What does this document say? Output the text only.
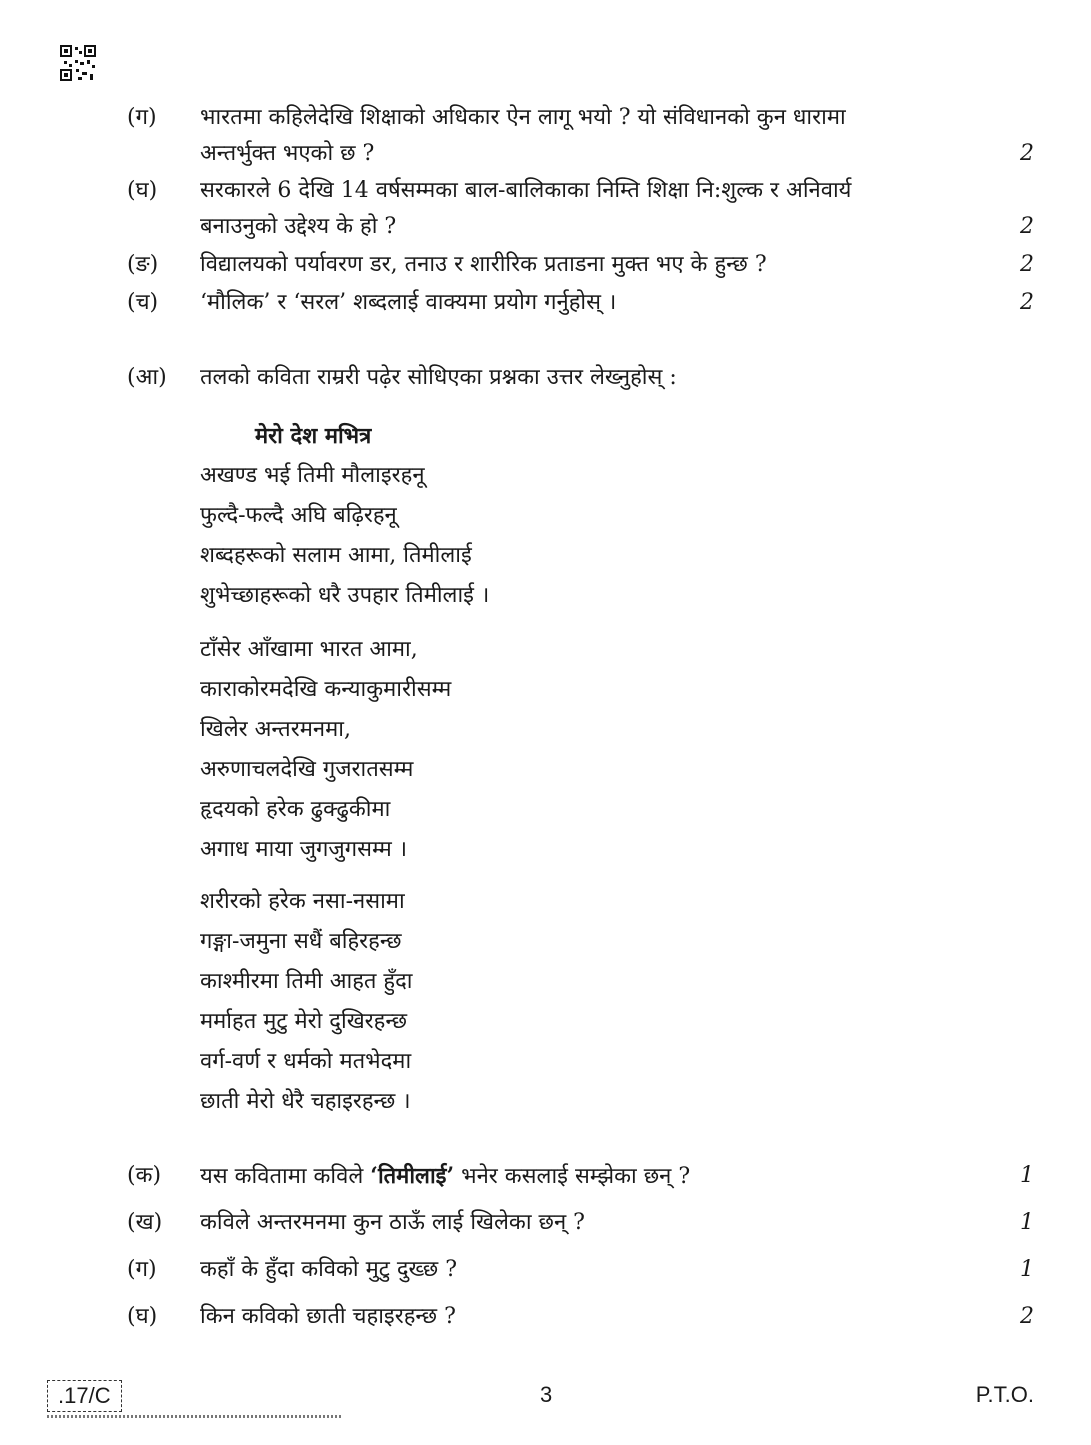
(ग) भारतमा कहिलेदेखि शिक्षाको अधिकार ऐन लागू भयो ? यो संविधानको कुन धारामा
अन्तर्भुक्त भएको छ ?	2
(घ) सरकारले 6 देखि 14 वर्षसम्मका बाल-बालिकाका निम्ति शिक्षा नि:शुल्क र अनिवार्य
बनाउनुको उद्देश्य के हो ?	2
(ङ) विद्यालयको पर्यावरण डर, तनाउ र शारीरिक प्रताडना मुक्त भए के हुन्छ ?	2
(च) ‘मौलिक’ र ‘सरल’ शब्दलाई वाक्यमा प्रयोग गर्नुहोस् ।	2
(आ) तलको कविता राम्ररी पढ़ेर सोधिएका प्रश्नका उत्तर लेख्नुहोस् :
मेरो देश मभित्र
अखण्ड भई तिमी मौलाइरहनू
फुल्दै-फल्दै अघि बढ़िरहनू
शब्दहरूको सलाम आमा, तिमीलाई
शुभेच्छाहरूको धरै उपहार तिमीलाई ।
टाँसेर आँखामा भारत आमा,
काराकोरमदेखि कन्याकुमारीसम्म
खिलेर अन्तरमनमा,
अरुणाचलदेखि गुजरातसम्म
हृदयको हरेक ढुक्ढुकीमा
अगाध माया जुगजुगसम्म ।
शरीरको हरेक नसा-नसामा
गङ्गा-जमुना सधैं बहिरहन्छ
काश्मीरमा तिमी आहत हुँदा
मर्माहत मुटु मेरो दुखिरहन्छ
वर्ग-वर्ण र धर्मको मतभेदमा
छाती मेरो धेरै चहाइरहन्छ ।
(क) यस कवितामा कविले ‘तिमीलाई’ भनेर कसलाई सम्झेका छन् ?	1
(ख) कविले अन्तरमनमा कुन ठाऊँ लाई खिलेका छन् ?	1
(ग) कहाँ के हुँदा कविको मुटु दुख्छ ?	1
(घ) किन कविको छाती चहाइरहन्छ ?	2
.17/C	3	P.T.O.
